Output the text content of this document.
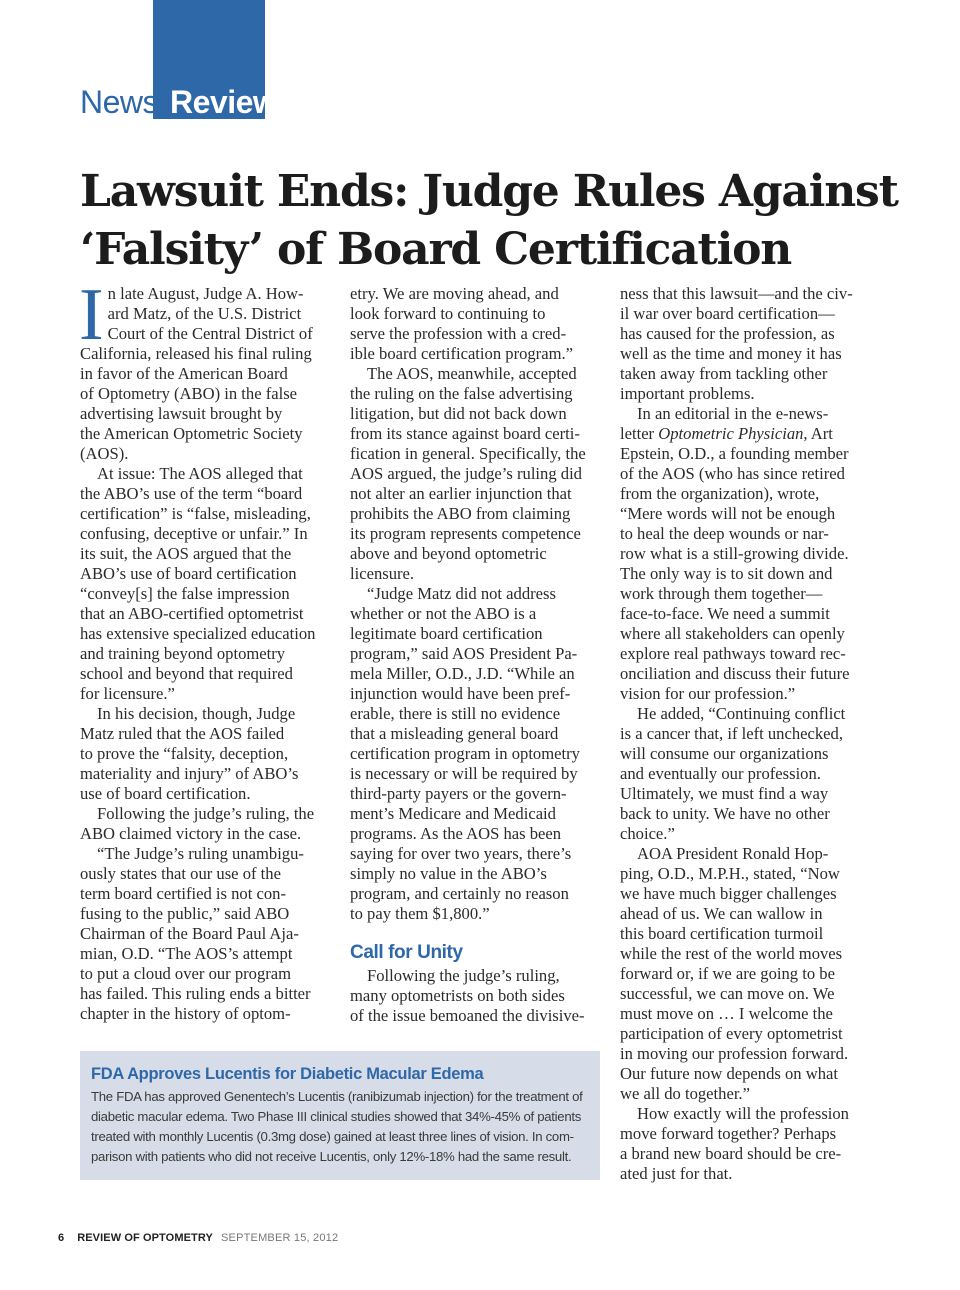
News Review
Lawsuit Ends: Judge Rules Against
‘Falsity’ of Board Certification

I n late August, Judge A. How-
ard Matz, of the U.S. District
Court of the Central District of
California, released his final ruling
in favor of the American Board
of Optometry (ABO) in the false
advertising lawsuit brought by
the American Optometric Society
(AOS).

At issue: The AOS alleged that
the ABO’s use of the term “board
certification” is “false, misleading,
confusing, deceptive or unfair.” In
its suit, the AOS argued that the
ABO’s use of board certification
“convey[s] the false impression
that an ABO-certified optometrist
has extensive specialized education
and training beyond optometry
school and beyond that required
for licensure.”

In his decision, though, Judge
Matz ruled that the AOS failed
to prove the “falsity, deception,
materiality and injury” of ABO’s
use of board certification.

Following the judge’s ruling, the
ABO claimed victory in the case.

“The Judge’s ruling unambigu-
ously states that our use of the
term board certified is not con-
fusing to the public,” said ABO
Chairman of the Board Paul Aja-
mian, O.D. “The AOS’s attempt
to put a cloud over our program
has failed. This ruling ends a bitter
chapter in the history of optom-

etry. We are moving ahead, and
look forward to continuing to
serve the profession with a cred-
ible board certification program.”

The AOS, meanwhile, accepted
the ruling on the false advertising
litigation, but did not back down
from its stance against board certi-
fication in general. Specifically, the
AOS argued, the judge’s ruling did
not alter an earlier injunction that
prohibits the ABO from claiming
its program represents competence
above and beyond optometric
licensure.

“Judge Matz did not address
whether or not the ABO is a
legitimate board certification
program,” said AOS President Pa-
mela Miller, O.D., J.D. “While an
injunction would have been pref-
erable, there is still no evidence
that a misleading general board
certification program in optometry
is necessary or will be required by
third-party payers or the govern-
ment’s Medicare and Medicaid
programs. As the AOS has been
saying for over two years, there’s
simply no value in the ABO’s
program, and certainly no reason
to pay them $1,800.”

Call for Unity

Following the judge’s ruling,
many optometrists on both sides
of the issue bemoaned the divisive-

ness that this lawsuit—and the civ-
il war over board certification—
has caused for the profession, as
well as the time and money it has
taken away from tackling other
important problems.

In an editorial in the e-news-
letter Optometric Physician, Art
Epstein, O.D., a founding member
of the AOS (who has since retired
from the organization), wrote,
“Mere words will not be enough
to heal the deep wounds or nar-
row what is a still-growing divide.
The only way is to sit down and
work through them together—
face-to-face. We need a summit
where all stakeholders can openly
explore real pathways toward rec-
onciliation and discuss their future
vision for our profession.”

He added, “Continuing conflict
is a cancer that, if left unchecked,
will consume our organizations
and eventually our profession.
Ultimately, we must find a way
back to unity. We have no other
choice.”

AOA President Ronald Hop-
ping, O.D., M.P.H., stated, “Now
we have much bigger challenges
ahead of us. We can wallow in
this board certification turmoil
while the rest of the world moves
forward or, if we are going to be
successful, we can move on. We
must move on … I welcome the
participation of every optometrist
in moving our profession forward.
Our future now depends on what
we all do together.”

How exactly will the profession
move forward together? Perhaps
a brand new board should be cre-
ated just for that.

FDA Approves Lucentis for Diabetic Macular Edema
The FDA has approved Genentech’s Lucentis (ranibizumab injection) for the treatment of
diabetic macular edema. Two Phase III clinical studies showed that 34%-45% of patients
treated with monthly Lucentis (0.3mg dose) gained at least three lines of vision. In com-
parison with patients who did not receive Lucentis, only 12%-18% had the same result.
6 REVIEW OF OPTOMETRY SEPTEMBER 15, 2012
